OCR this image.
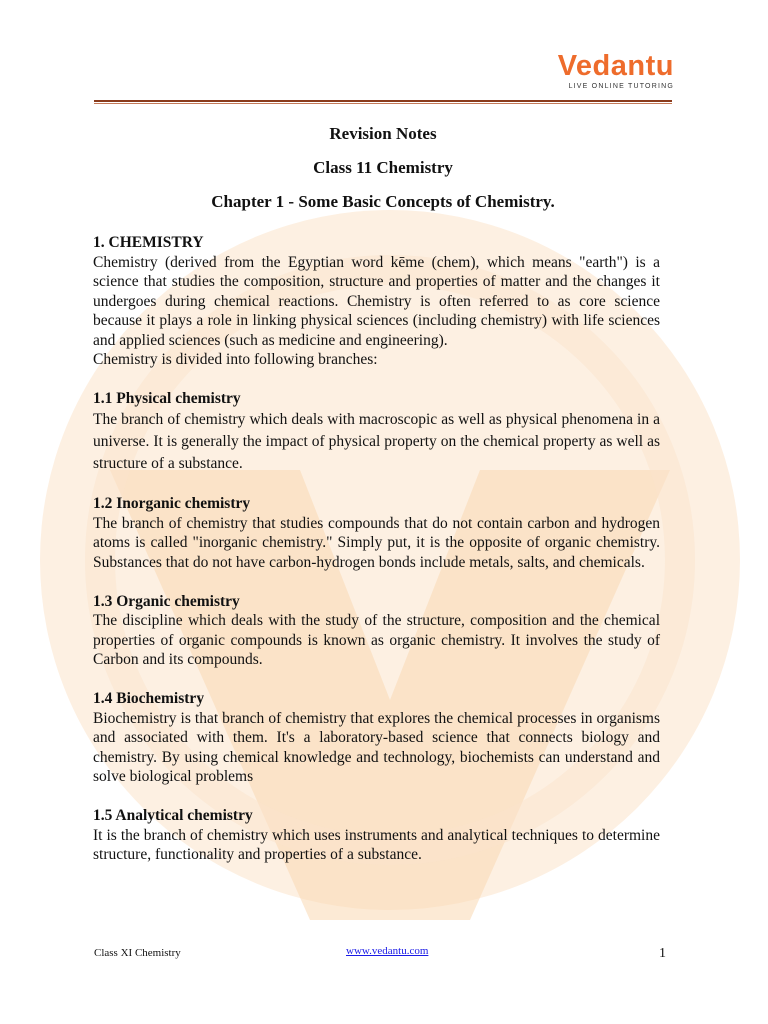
Vedantu
LIVE ONLINE TUTORING
Revision Notes
Class 11 Chemistry
Chapter 1 - Some Basic Concepts of Chemistry.

1. CHEMISTRY

Chemistry (derived from the Egyptian word kēme (chem), which means "earth") is a science that studies the composition, structure and properties of matter and the changes it undergoes during chemical reactions. Chemistry is often referred to as core science because it plays a role in linking physical sciences (including chemistry) with life sciences and applied sciences (such as medicine and engineering).

Chemistry is divided into following branches:

1.1 Physical chemistry

The branch of chemistry which deals with macroscopic as well as physical phenomena in a universe. It is generally the impact of physical property on the chemical property as well as structure of a substance.

1.2 Inorganic chemistry

The branch of chemistry that studies compounds that do not contain carbon and hydrogen atoms is called "inorganic chemistry." Simply put, it is the opposite of organic chemistry. Substances that do not have carbon-hydrogen bonds include metals, salts, and chemicals.

1.3 Organic chemistry

The discipline which deals with the study of the structure, composition and the chemical properties of organic compounds is known as organic chemistry. It involves the study of Carbon and its compounds.

1.4 Biochemistry

Biochemistry is that branch of chemistry that explores the chemical processes in organisms and associated with them. It's a laboratory-based science that connects biology and chemistry. By using chemical knowledge and technology, biochemists can understand and solve biological problems

1.5 Analytical chemistry

It is the branch of chemistry which uses instruments and analytical techniques to determine structure, functionality and properties of a substance.

Class XI Chemistry	www.vedantu.com	1
